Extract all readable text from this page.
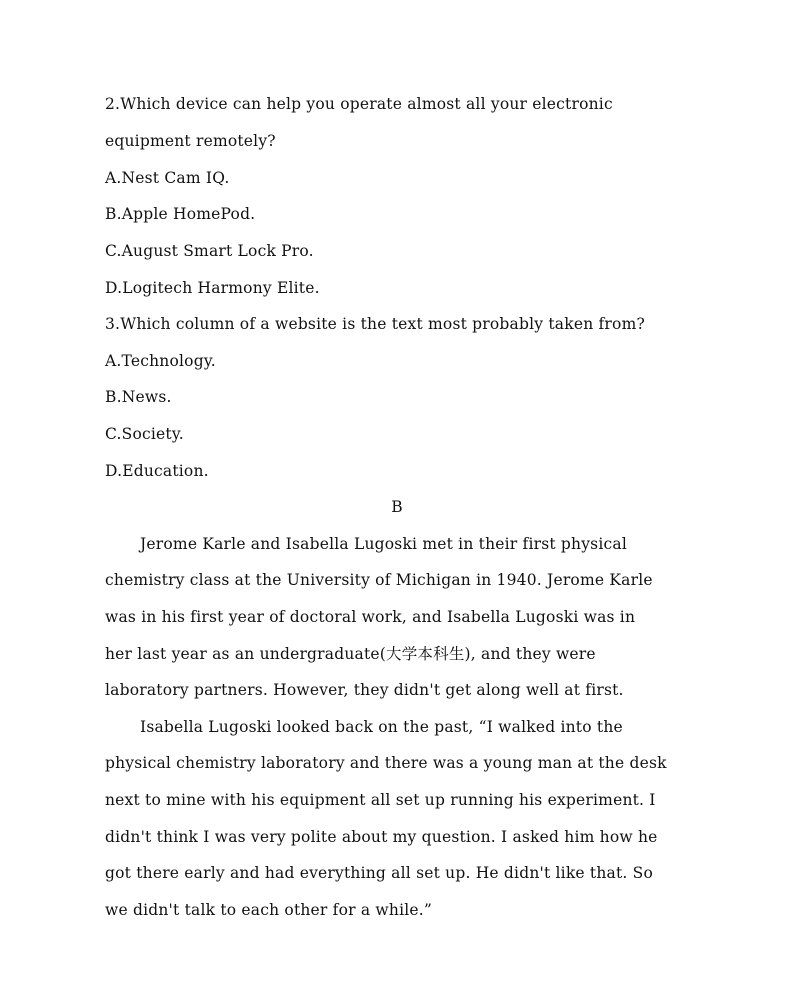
2.Which device can help you operate almost all your electronic
equipment remotely?
A.Nest Cam IQ.
B.Apple HomePod.
C.August Smart Lock Pro.
D.Logitech Harmony Elite.
3.Which column of a website is the text most probably taken from?
A.Technology.
B.News.
C.Society.
D.Education.
B
Jerome Karle and Isabella Lugoski met in their first physical
chemistry class at the University of Michigan in 1940. Jerome Karle
was in his first year of doctoral work, and Isabella Lugoski was in
her last year as an undergraduate(大学本科生), and they were
laboratory partners. However, they didn't get along well at first.
Isabella Lugoski looked back on the past, “I walked into the
physical chemistry laboratory and there was a young man at the desk
next to mine with his equipment all set up running his experiment. I
didn't think I was very polite about my question. I asked him how he
got there early and had everything all set up. He didn't like that. So
we didn't talk to each other for a while.”
